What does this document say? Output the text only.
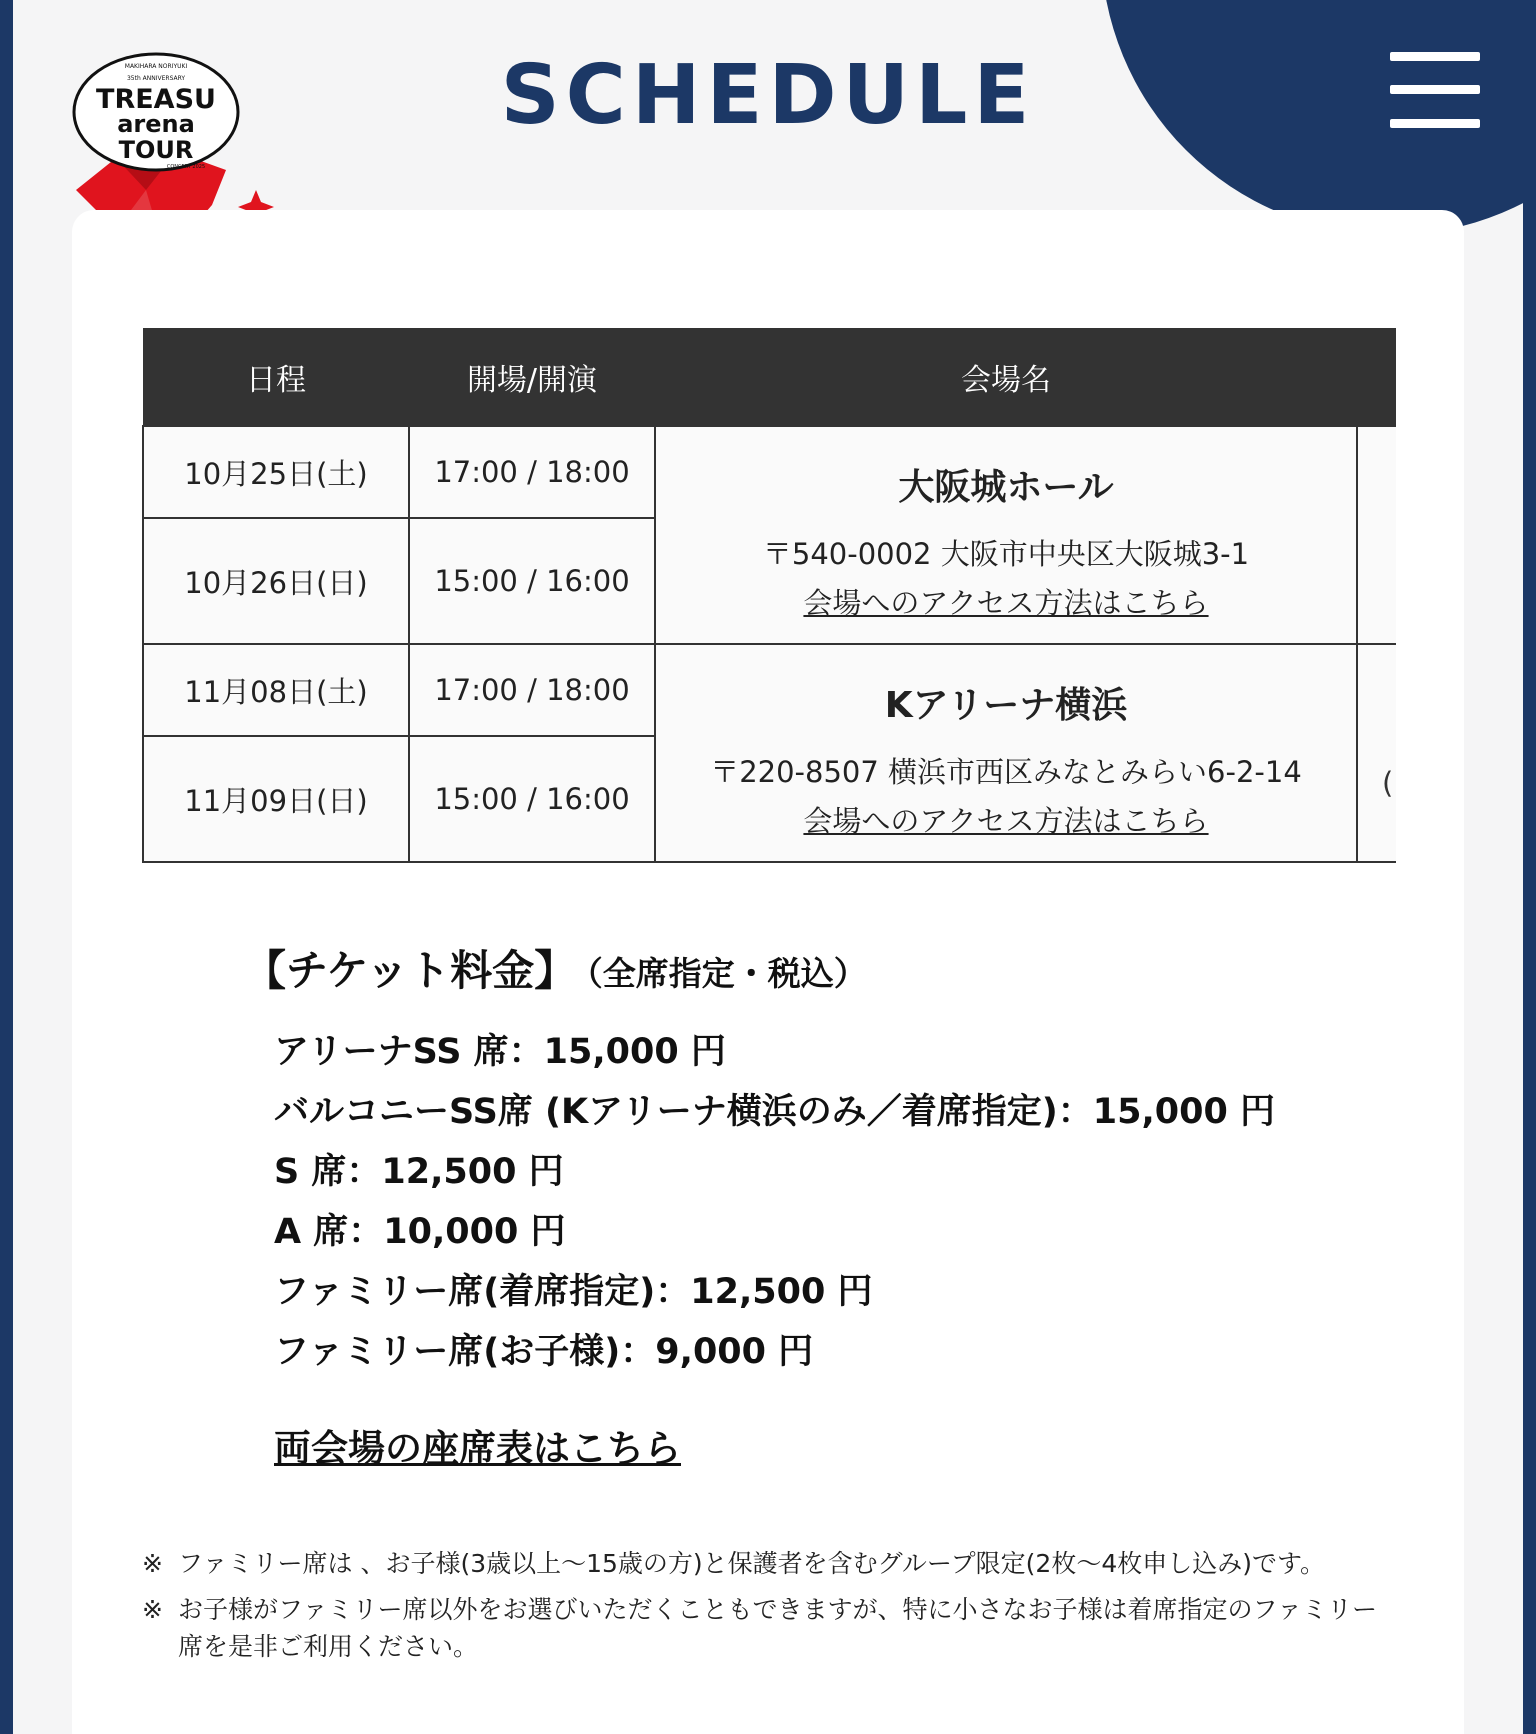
MAKIHARA NORIYUKI
35th ANNIVERSARY
TREASU
arena
TOUR
CONCERT 2025
SCHEDULE
日程	開場/開演	会場名	
10月25日(土)	17:00 / 18:00	大阪城ホール
〒540-0002 大阪市中央区大阪城3-1
会場へのアクセス方法はこちら	
10月26日(日)	15:00 / 16:00		
11月08日(土)	17:00 / 18:00	Kアリーナ横浜
〒220-8507 横浜市西区みなとみらい6-2-14
会場へのアクセス方法はこちら	(
11月09日(日)	15:00 / 16:00		
【チケット料金】 （全席指定・税込）
アリーナSS 席：15,000 円
バルコニーSS席 (Kアリーナ横浜のみ／着席指定)：15,000 円
S 席：12,500 円
A 席：10,000 円
ファミリー席(着席指定)：12,500 円
ファミリー席(お子様)：9,000 円
両会場の座席表はこちら

※ ファミリー席は 、お子様(3歳以上〜15歳の方)と保護者を含むグループ限定(2枚〜4枚申し込み)です。

※ お子様がファミリー席以外をお選びいただくこともできますが、特に小さなお子様は着席指定のファミリー席を是非ご利用ください。
